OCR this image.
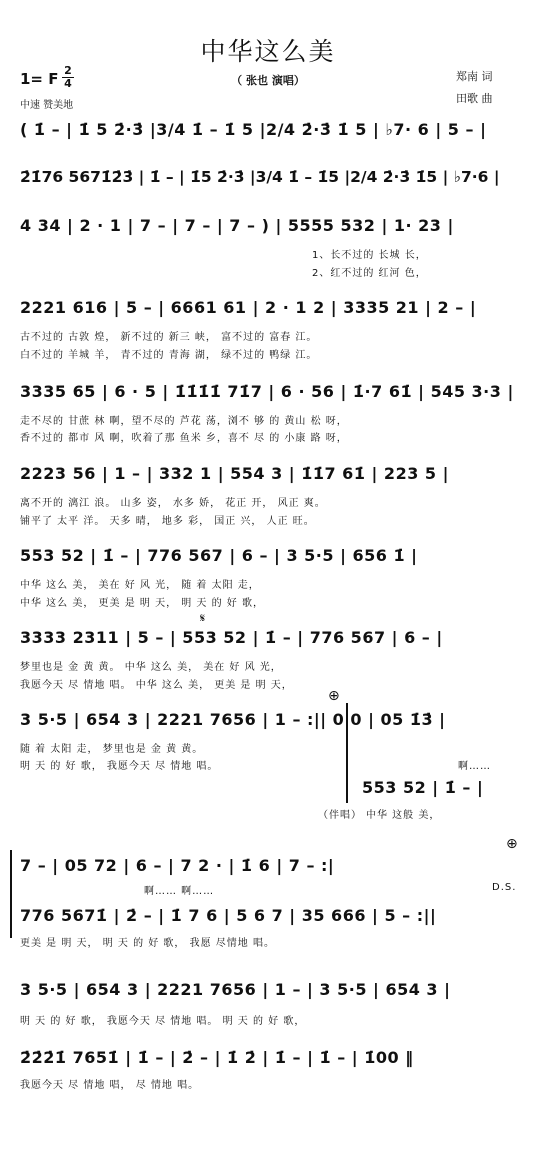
中华这么美
1= F 2
4	（ 张也 演唱）	郑南 词
田歌 曲
中速 赞美地
( 1̇ – | 1̇ 5 2̇·3̇ |3/4 1̇ – 1̇ 5 |2/4 2̇·3̇ 1̇ 5 | ♭7· 6 | 5 – |
2̇1̇76 5671̇2̇3̇ | 1̇ – | 1̇5 2̇·3̇ |3/4 1̇ – 1̇5 |2/4 2̇·3̇ 1̇5 | ♭7·6 |
4 34 | 2 · 1 | 7 – | 7 – | 7 – ) | 5555 532 | 1· 23 |
1、长不过的 长城 长，
2、红不过的 红河 色，
2221 616 | 5 – | 6661 61 | 2 · 1 2 | 3335 21 | 2 – |
古不过的 古敦 煌， 新不过的 新三 峡， 富不过的 富春 江。
白不过的 羊城 羊， 青不过的 青海 湖， 绿不过的 鸭绿 江。
3335 65 | 6 · 5 | 1̇1̇1̇1̇ 71̇7 | 6 · 56 | 1̇·7 61̇ | 545 3·3 |
走不尽的 甘蔗 林 啊，望不尽的 芦花 荡，浏不 够 的 黄山 松 呀，
香不过的 都市 风 啊，吹着了那 鱼米 乡，喜不 尽 的 小康 路 呀，
2223 56 | 1 – | 332 1 | 554 3 | 1̇1̇7 61̇ | 223 5 |
离不开的 漓江 浪。 山多 姿， 水多 娇， 花正 开， 风正 爽。
铺平了 太平 洋。 天多 晴， 地多 彩， 国正 兴， 人正 旺。
553 52 | 1̇ – | 776 567 | 6 – | 3 5·5 | 656 1̇ |
中华 这么 美， 美在 好 风 光， 随 着 太阳 走，
中华 这么 美， 更美 是 明 天， 明 天 的 好 歌，
𝄋
3333 2311 | 5 – | 553 52 | 1̇ – | 776 567 | 6 – |
梦里也是 金 黄 黄。 中华 这么 美， 美在 好 风 光，
我愿今天 尽 情地 唱。 中华 这么 美， 更美 是 明 天，
⊕
3 5·5 | 654 3 | 2221 7656 | 1 – :|| 0 0 | 05 1̇3̇ |
随 着 太阳 走， 梦里也是 金 黄 黄。
明 天 的 好 歌， 我愿今天 尽 情地 唱。	啊……
553 52 | 1̇ – |
（伴唱） 中华 这般 美，
⊕
7 – | 05 72 | 6 – | 7 2 · | 1̇ 6 | 7 – :|
啊…… 啊……	D.S.
776 5671̇ | 2̇ – | 1̇ 7 6 | 5 6 7 | 35 666 | 5 – :||
更美 是 明 天， 明 天 的 好 歌， 我愿 尽情地 唱。
3 5·5 | 654 3 | 2221 7656 | 1 – | 3 5·5 | 654 3 |
明 天 的 好 歌， 我愿今天 尽 情地 唱。 明 天 的 好 歌，
2̇2̇2̇1̇ 7651̇ | 1̇ – | 2̇ – | 1̇ 2̇ | 1̇ – | 1̇ – | 1̇00 ‖
我愿今天 尽 情地 唱， 尽 情地 唱。
